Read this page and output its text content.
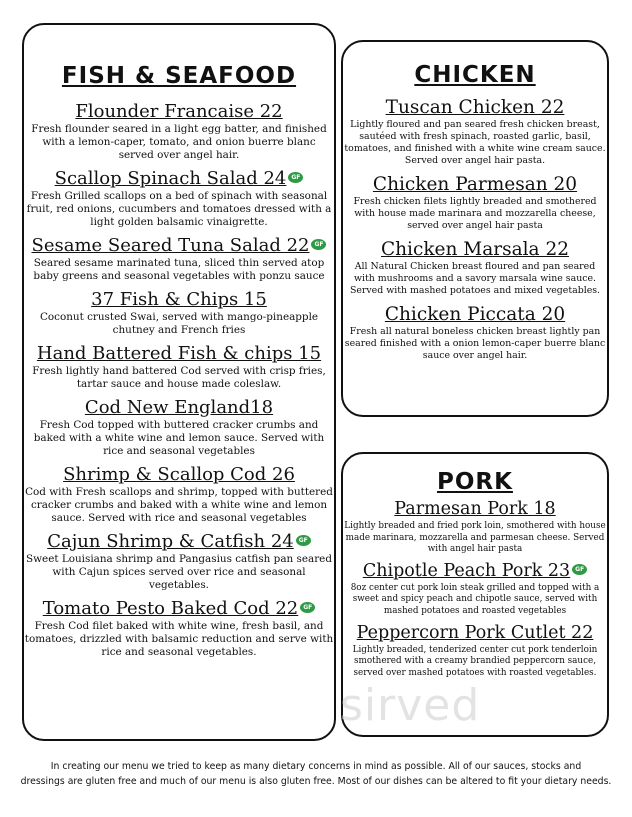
FISH & SEAFOOD
Flounder Francaise 22

Fresh flounder seared in a light egg batter, and finished with a lemon-caper, tomato, and onion buerre blanc served over angel hair.
Scallop Spinach Salad 24 GF

Fresh Grilled scallops on a bed of spinach with seasonal fruit, red onions, cucumbers and tomatoes dressed with a light golden balsamic vinaigrette.
Sesame Seared Tuna Salad 22 GF

Seared sesame marinated tuna, sliced thin served atop baby greens and seasonal vegetables with ponzu sauce
37 Fish & Chips 15

Coconut crusted Swai, served with mango-pineapple chutney and French fries
Hand Battered Fish & chips 15

Fresh lightly hand battered Cod served with crisp fries, tartar sauce and house made coleslaw.
Cod New England18

Fresh Cod topped with buttered cracker crumbs and baked with a white wine and lemon sauce. Served with rice and seasonal vegetables
Shrimp & Scallop Cod 26

Cod with Fresh scallops and shrimp, topped with buttered cracker crumbs and baked with a white wine and lemon sauce. Served with rice and seasonal vegetables
Cajun Shrimp & Catfish 24 GF

Sweet Louisiana shrimp and Pangasius catfish pan seared with Cajun spices served over rice and seasonal vegetables.
Tomato Pesto Baked Cod 22 GF

Fresh Cod filet baked with white wine, fresh basil, and tomatoes, drizzled with balsamic reduction and serve with rice and seasonal vegetables.
CHICKEN
Tuscan Chicken 22

Lightly floured and pan seared fresh chicken breast, sautéed with fresh spinach, roasted garlic, basil, tomatoes, and finished with a white wine cream sauce. Served over angel hair pasta.
Chicken Parmesan 20

Fresh chicken filets lightly breaded and smothered with house made marinara and mozzarella cheese, served over angel hair pasta
Chicken Marsala 22

All Natural Chicken breast floured and pan seared with mushrooms and a savory marsala wine sauce. Served with mashed potatoes and mixed vegetables.
Chicken Piccata 20

Fresh all natural boneless chicken breast lightly pan seared finished with a onion lemon-caper buerre blanc sauce over angel hair.
PORK
Parmesan Pork 18

Lightly breaded and fried pork loin, smothered with house made marinara, mozzarella and parmesan cheese. Served with angel hair pasta
Chipotle Peach Pork 23 GF

8oz center cut pork loin steak grilled and topped with a sweet and spicy peach and chipotle sauce, served with mashed potatoes and roasted vegetables
Peppercorn Pork Cutlet 22

Lightly breaded, tenderized center cut pork tenderloin smothered with a creamy brandied peppercorn sauce, served over mashed potatoes with roasted vegetables.
sirved
In creating our menu we tried to keep as many dietary concerns in mind as possible. All of our sauces, stocks and
dressings are gluten free and much of our menu is also gluten free. Most of our dishes can be altered to fit your dietary needs.
